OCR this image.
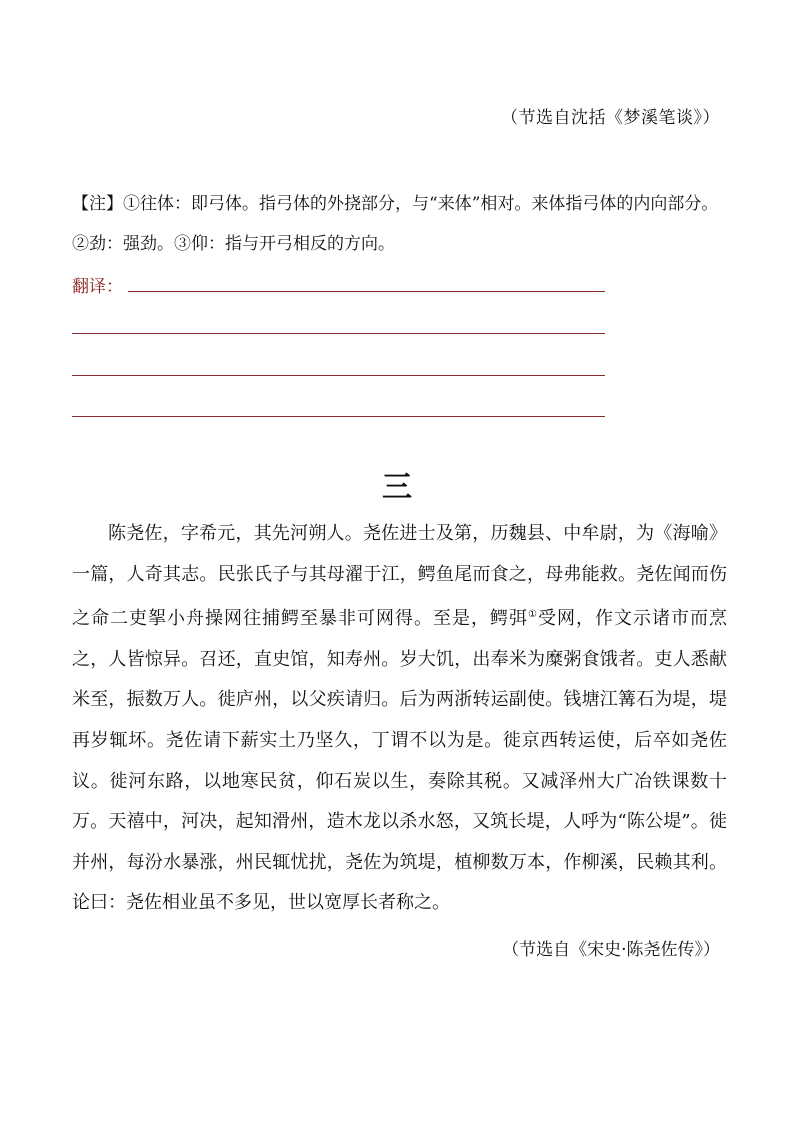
（节选自沈括《梦溪笔谈》）
【注】①往体：即弓体。指弓体的外挠部分，与“来体”相对。来体指弓体的内向部分。②劲：强劲。③仰：指与开弓相反的方向。
翻译：
三
陈尧佐，字希元，其先河朔人。尧佐进士及第，历魏县、中牟尉，为《海喻》一篇，人奇其志。民张氏子与其母濯于江，鳄鱼尾而食之，母弗能救。尧佐闻而伤之命二吏挐小舟操网往捕鳄至暴非可网得。至是，鳄弭①受网，作文示诸市而烹之，人皆惊异。召还，直史馆，知寿州。岁大饥，出奉米为糜粥食饿者。吏人悉献米至，振数万人。徙庐州，以父疾请归。后为两浙转运副使。钱塘江篝石为堤，堤再岁辄坏。尧佐请下薪实土乃坚久，丁谓不以为是。徙京西转运使，后卒如尧佐议。徙河东路，以地寒民贫，仰石炭以生，奏除其税。又减泽州大广冶铁课数十万。天禧中，河决，起知滑州，造木龙以杀水怒，又筑长堤，人呼为“陈公堤”。徙并州，每汾水暴涨，州民辄忧扰，尧佐为筑堤，植柳数万本，作柳溪，民赖其利。论曰：尧佐相业虽不多见，世以宽厚长者称之。
（节选自《宋史·陈尧佐传》）
